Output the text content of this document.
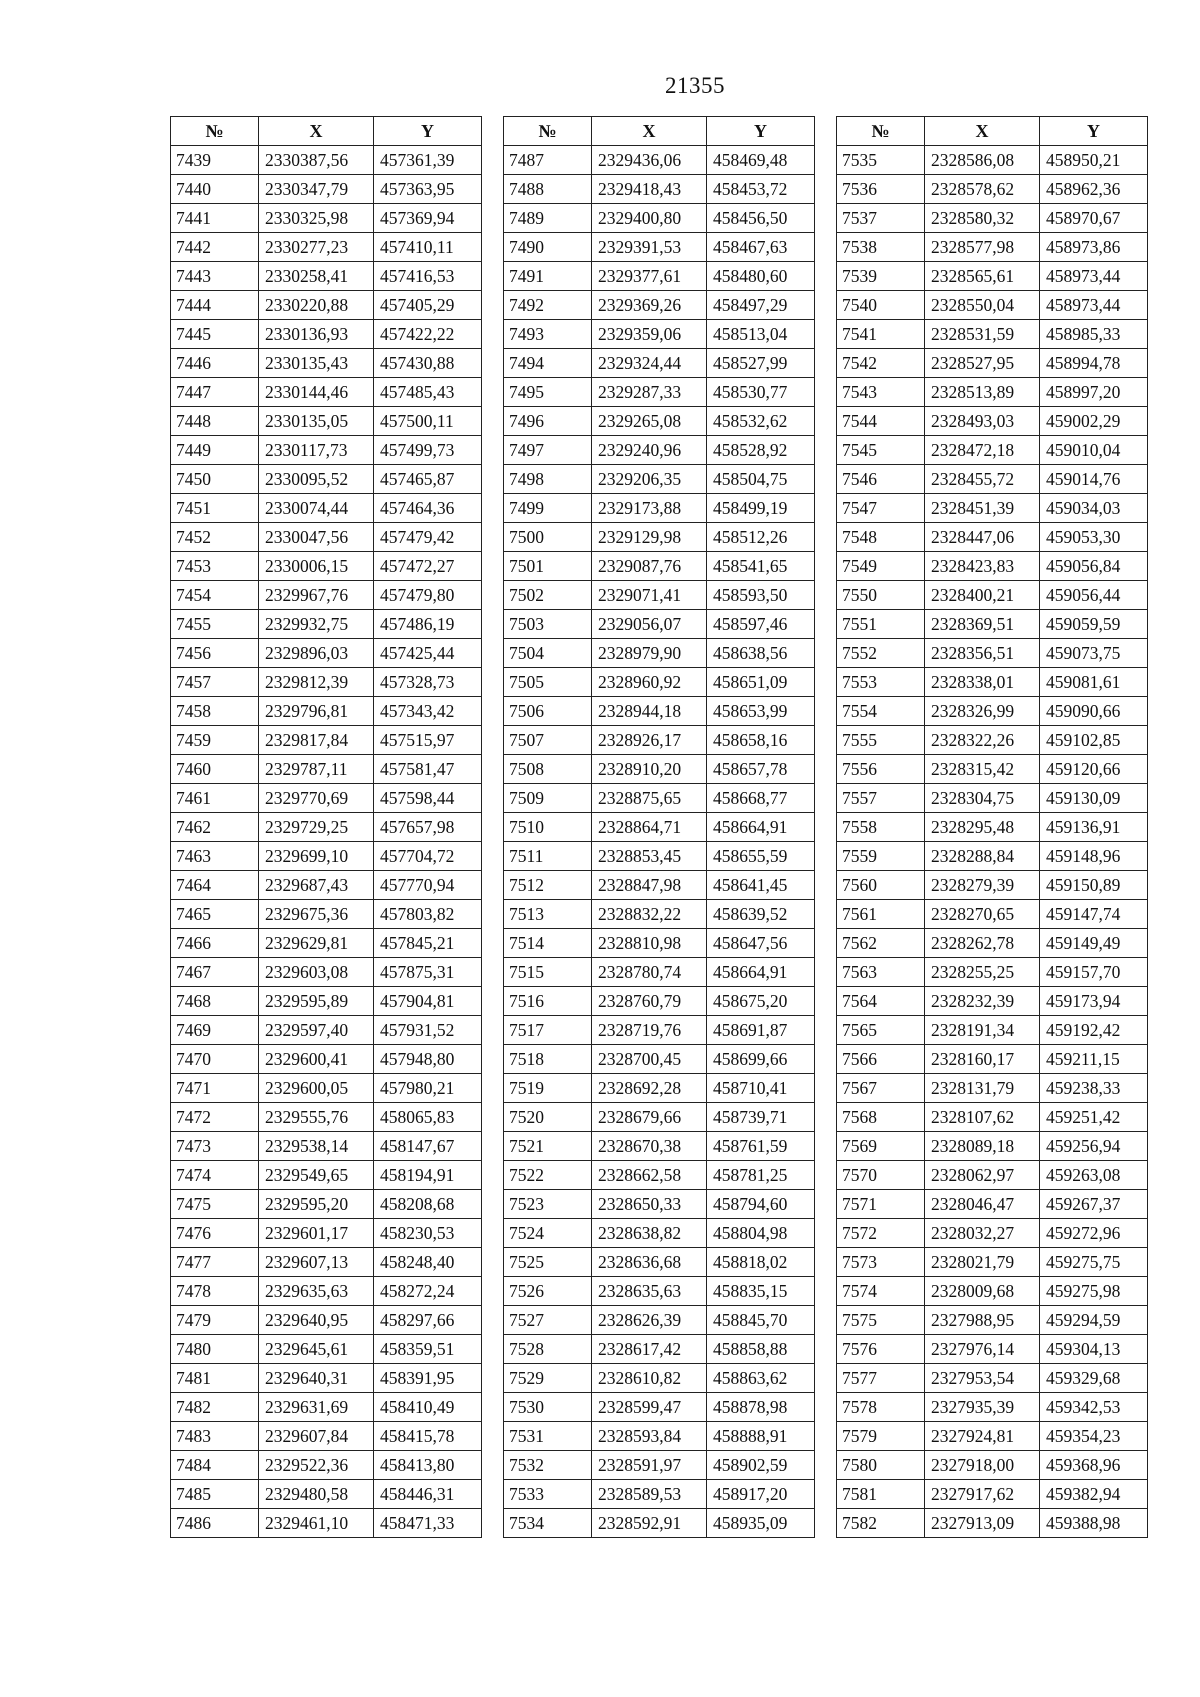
21355
№	X	Y
7439	2330387,56	457361,39
7440	2330347,79	457363,95
7441	2330325,98	457369,94
7442	2330277,23	457410,11
7443	2330258,41	457416,53
7444	2330220,88	457405,29
7445	2330136,93	457422,22
7446	2330135,43	457430,88
7447	2330144,46	457485,43
7448	2330135,05	457500,11
7449	2330117,73	457499,73
7450	2330095,52	457465,87
7451	2330074,44	457464,36
7452	2330047,56	457479,42
7453	2330006,15	457472,27
7454	2329967,76	457479,80
7455	2329932,75	457486,19
7456	2329896,03	457425,44
7457	2329812,39	457328,73
7458	2329796,81	457343,42
7459	2329817,84	457515,97
7460	2329787,11	457581,47
7461	2329770,69	457598,44
7462	2329729,25	457657,98
7463	2329699,10	457704,72
7464	2329687,43	457770,94
7465	2329675,36	457803,82
7466	2329629,81	457845,21
7467	2329603,08	457875,31
7468	2329595,89	457904,81
7469	2329597,40	457931,52
7470	2329600,41	457948,80
7471	2329600,05	457980,21
7472	2329555,76	458065,83
7473	2329538,14	458147,67
7474	2329549,65	458194,91
7475	2329595,20	458208,68
7476	2329601,17	458230,53
7477	2329607,13	458248,40
7478	2329635,63	458272,24
7479	2329640,95	458297,66
7480	2329645,61	458359,51
7481	2329640,31	458391,95
7482	2329631,69	458410,49
7483	2329607,84	458415,78
7484	2329522,36	458413,80
7485	2329480,58	458446,31
7486	2329461,10	458471,33
№	X	Y
7487	2329436,06	458469,48
7488	2329418,43	458453,72
7489	2329400,80	458456,50
7490	2329391,53	458467,63
7491	2329377,61	458480,60
7492	2329369,26	458497,29
7493	2329359,06	458513,04
7494	2329324,44	458527,99
7495	2329287,33	458530,77
7496	2329265,08	458532,62
7497	2329240,96	458528,92
7498	2329206,35	458504,75
7499	2329173,88	458499,19
7500	2329129,98	458512,26
7501	2329087,76	458541,65
7502	2329071,41	458593,50
7503	2329056,07	458597,46
7504	2328979,90	458638,56
7505	2328960,92	458651,09
7506	2328944,18	458653,99
7507	2328926,17	458658,16
7508	2328910,20	458657,78
7509	2328875,65	458668,77
7510	2328864,71	458664,91
7511	2328853,45	458655,59
7512	2328847,98	458641,45
7513	2328832,22	458639,52
7514	2328810,98	458647,56
7515	2328780,74	458664,91
7516	2328760,79	458675,20
7517	2328719,76	458691,87
7518	2328700,45	458699,66
7519	2328692,28	458710,41
7520	2328679,66	458739,71
7521	2328670,38	458761,59
7522	2328662,58	458781,25
7523	2328650,33	458794,60
7524	2328638,82	458804,98
7525	2328636,68	458818,02
7526	2328635,63	458835,15
7527	2328626,39	458845,70
7528	2328617,42	458858,88
7529	2328610,82	458863,62
7530	2328599,47	458878,98
7531	2328593,84	458888,91
7532	2328591,97	458902,59
7533	2328589,53	458917,20
7534	2328592,91	458935,09
№	X	Y
7535	2328586,08	458950,21
7536	2328578,62	458962,36
7537	2328580,32	458970,67
7538	2328577,98	458973,86
7539	2328565,61	458973,44
7540	2328550,04	458973,44
7541	2328531,59	458985,33
7542	2328527,95	458994,78
7543	2328513,89	458997,20
7544	2328493,03	459002,29
7545	2328472,18	459010,04
7546	2328455,72	459014,76
7547	2328451,39	459034,03
7548	2328447,06	459053,30
7549	2328423,83	459056,84
7550	2328400,21	459056,44
7551	2328369,51	459059,59
7552	2328356,51	459073,75
7553	2328338,01	459081,61
7554	2328326,99	459090,66
7555	2328322,26	459102,85
7556	2328315,42	459120,66
7557	2328304,75	459130,09
7558	2328295,48	459136,91
7559	2328288,84	459148,96
7560	2328279,39	459150,89
7561	2328270,65	459147,74
7562	2328262,78	459149,49
7563	2328255,25	459157,70
7564	2328232,39	459173,94
7565	2328191,34	459192,42
7566	2328160,17	459211,15
7567	2328131,79	459238,33
7568	2328107,62	459251,42
7569	2328089,18	459256,94
7570	2328062,97	459263,08
7571	2328046,47	459267,37
7572	2328032,27	459272,96
7573	2328021,79	459275,75
7574	2328009,68	459275,98
7575	2327988,95	459294,59
7576	2327976,14	459304,13
7577	2327953,54	459329,68
7578	2327935,39	459342,53
7579	2327924,81	459354,23
7580	2327918,00	459368,96
7581	2327917,62	459382,94
7582	2327913,09	459388,98
